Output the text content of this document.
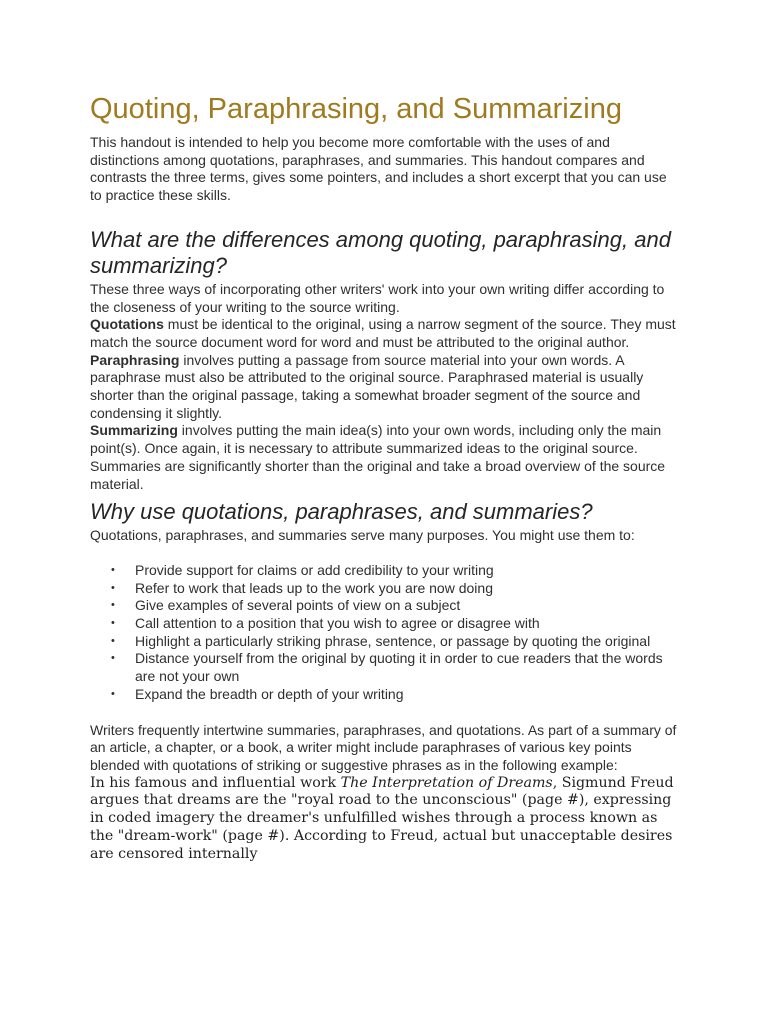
Quoting, Paraphrasing, and Summarizing

This handout is intended to help you become more comfortable with the uses of and distinctions among quotations, paraphrases, and summaries. This handout compares and contrasts the three terms, gives some pointers, and includes a short excerpt that you can use to practice these skills.

What are the differences among quoting, paraphrasing, and summarizing?

These three ways of incorporating other writers' work into your own writing differ according to the closeness of your writing to the source writing.

Quotations must be identical to the original, using a narrow segment of the source. They must match the source document word for word and must be attributed to the original author.

Paraphrasing involves putting a passage from source material into your own words. A paraphrase must also be attributed to the original source. Paraphrased material is usually shorter than the original passage, taking a somewhat broader segment of the source and condensing it slightly.

Summarizing involves putting the main idea(s) into your own words, including only the main point(s). Once again, it is necessary to attribute summarized ideas to the original source. Summaries are significantly shorter than the original and take a broad overview of the source material.

Why use quotations, paraphrases, and summaries?

Quotations, paraphrases, and summaries serve many purposes. You might use them to:

• Provide support for claims or add credibility to your writing
• Refer to work that leads up to the work you are now doing
• Give examples of several points of view on a subject
• Call attention to a position that you wish to agree or disagree with
• Highlight a particularly striking phrase, sentence, or passage by quoting the original
• Distance yourself from the original by quoting it in order to cue readers that the words are not your own
• Expand the breadth or depth of your writing

Writers frequently intertwine summaries, paraphrases, and quotations. As part of a summary of an article, a chapter, or a book, a writer might include paraphrases of various key points blended with quotations of striking or suggestive phrases as in the following example:

In his famous and influential work The Interpretation of Dreams, Sigmund Freud argues that dreams are the "royal road to the unconscious" (page #), expressing in coded imagery the dreamer's unfulfilled wishes through a process known as the "dream-work" (page #). According to Freud, actual but unacceptable desires are censored internally
